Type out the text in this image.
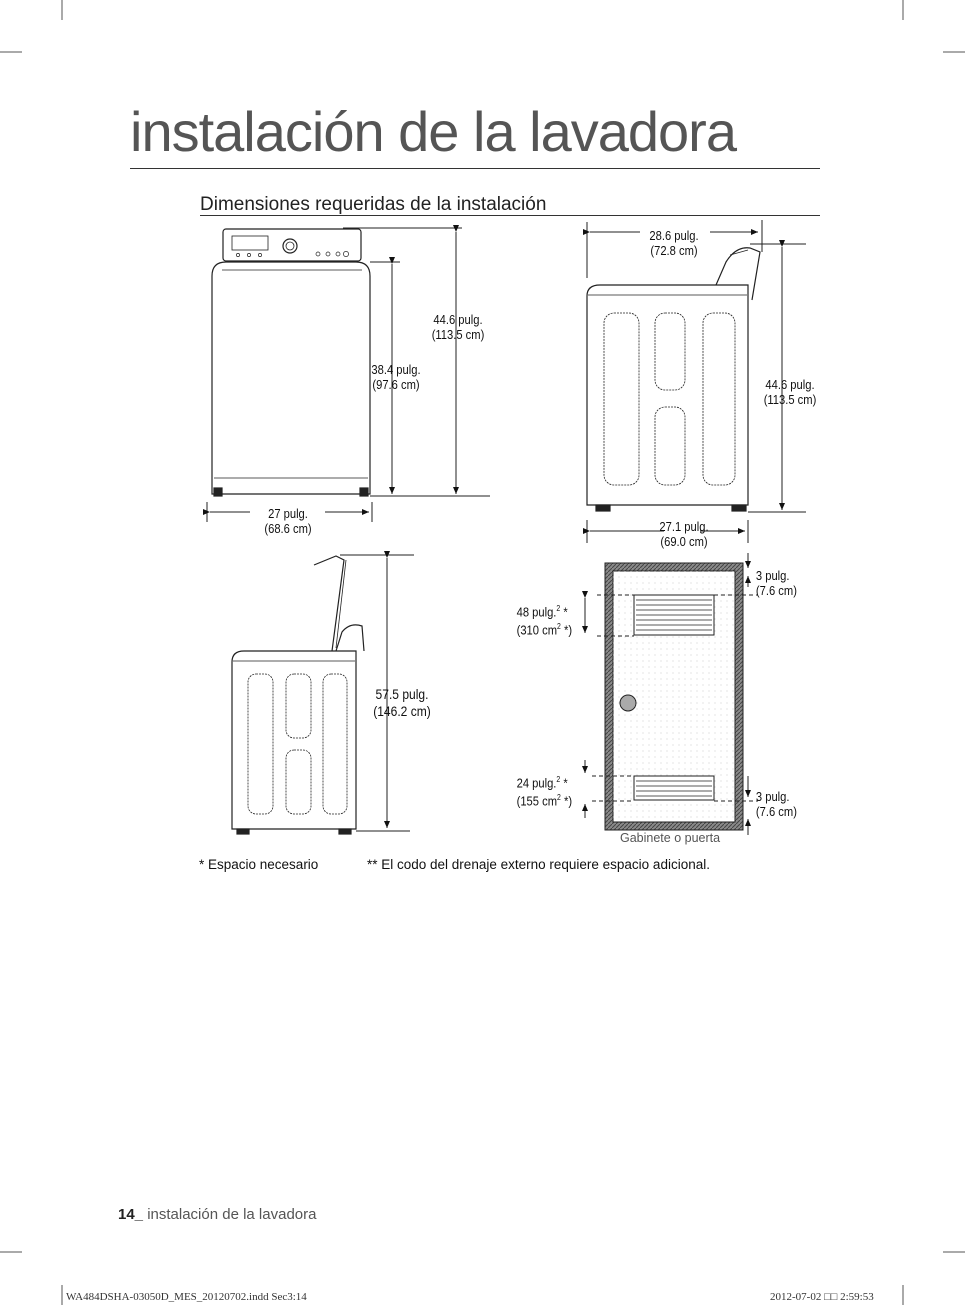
instalación de la lavadora
Dimensiones requeridas de la instalación
44.6 pulg.
(113.5 cm)
38.4 pulg.
(97.6 cm)
27 pulg.
(68.6 cm)
28.6 pulg.
(72.8 cm)
44.6 pulg.
(113.5 cm)
27.1 pulg.
(69.0 cm)
57.5 pulg.
(146.2 cm)
48 pulg.$^2$ *
(310 $cm^2$ *)
24 pulg.$^2$ *
(155 $cm^2$ *)
3 pulg.
(7.6 cm)
3 pulg.
(7.6 cm)
Gabinete o puerta
* Espacio necesario	** El codo del drenaje externo requiere espacio adicional.
14_ instalación de la lavadora
WA484DSHA-03050D_MES_20120702.indd Sec3:14	2012-07-02 □□ 2:59:53
